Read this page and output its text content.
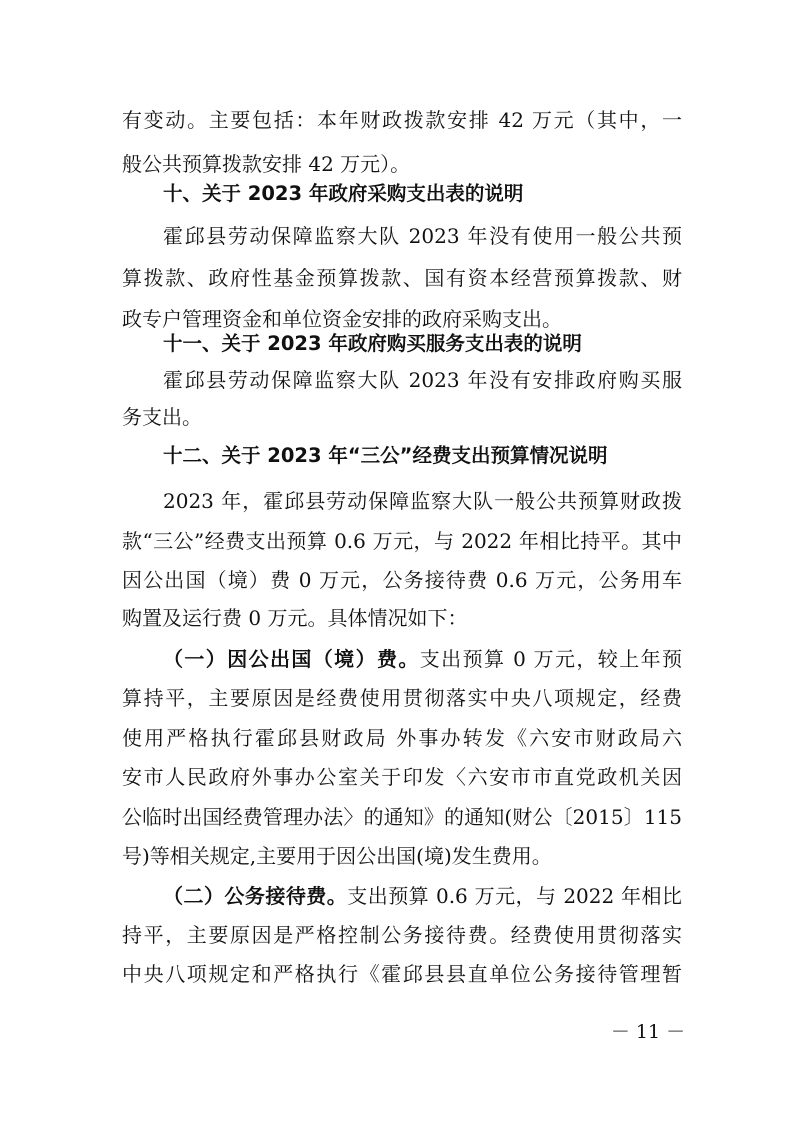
有变动。主要包括：本年财政拨款安排 42 万元（其中，一
般公共预算拨款安排 42 万元）。
十、关于 2023 年政府采购支出表的说明
霍邱县劳动保障监察大队 2023 年没有使用一般公共预
算拨款、政府性基金预算拨款、国有资本经营预算拨款、财
政专户管理资金和单位资金安排的政府采购支出。
十一、关于 2023 年政府购买服务支出表的说明
霍邱县劳动保障监察大队 2023 年没有安排政府购买服
务支出。
十二、关于 2023 年“三公”经费支出预算情况说明
2023 年，霍邱县劳动保障监察大队一般公共预算财政拨
款“三公”经费支出预算 0.6 万元，与 2022 年相比持平。其中
因公出国（境）费 0 万元，公务接待费 0.6 万元，公务用车
购置及运行费 0 万元。具体情况如下：
（一）因公出国（境）费。支出预算 0 万元，较上年预
算持平，主要原因是经费使用贯彻落实中央八项规定，经费
使用严格执行霍邱县财政局 外事办转发《六安市财政局六
安市人民政府外事办公室关于印发〈六安市市直党政机关因
公临时出国经费管理办法〉的通知》的通知(财公〔2015〕115
号)等相关规定,主要用于因公出国(境)发生费用。
（二）公务接待费。支出预算 0.6 万元，与 2022 年相比
持平，主要原因是严格控制公务接待费。经费使用贯彻落实
中央八项规定和严格执行《霍邱县县直单位公务接待管理暂
－ 11 －
